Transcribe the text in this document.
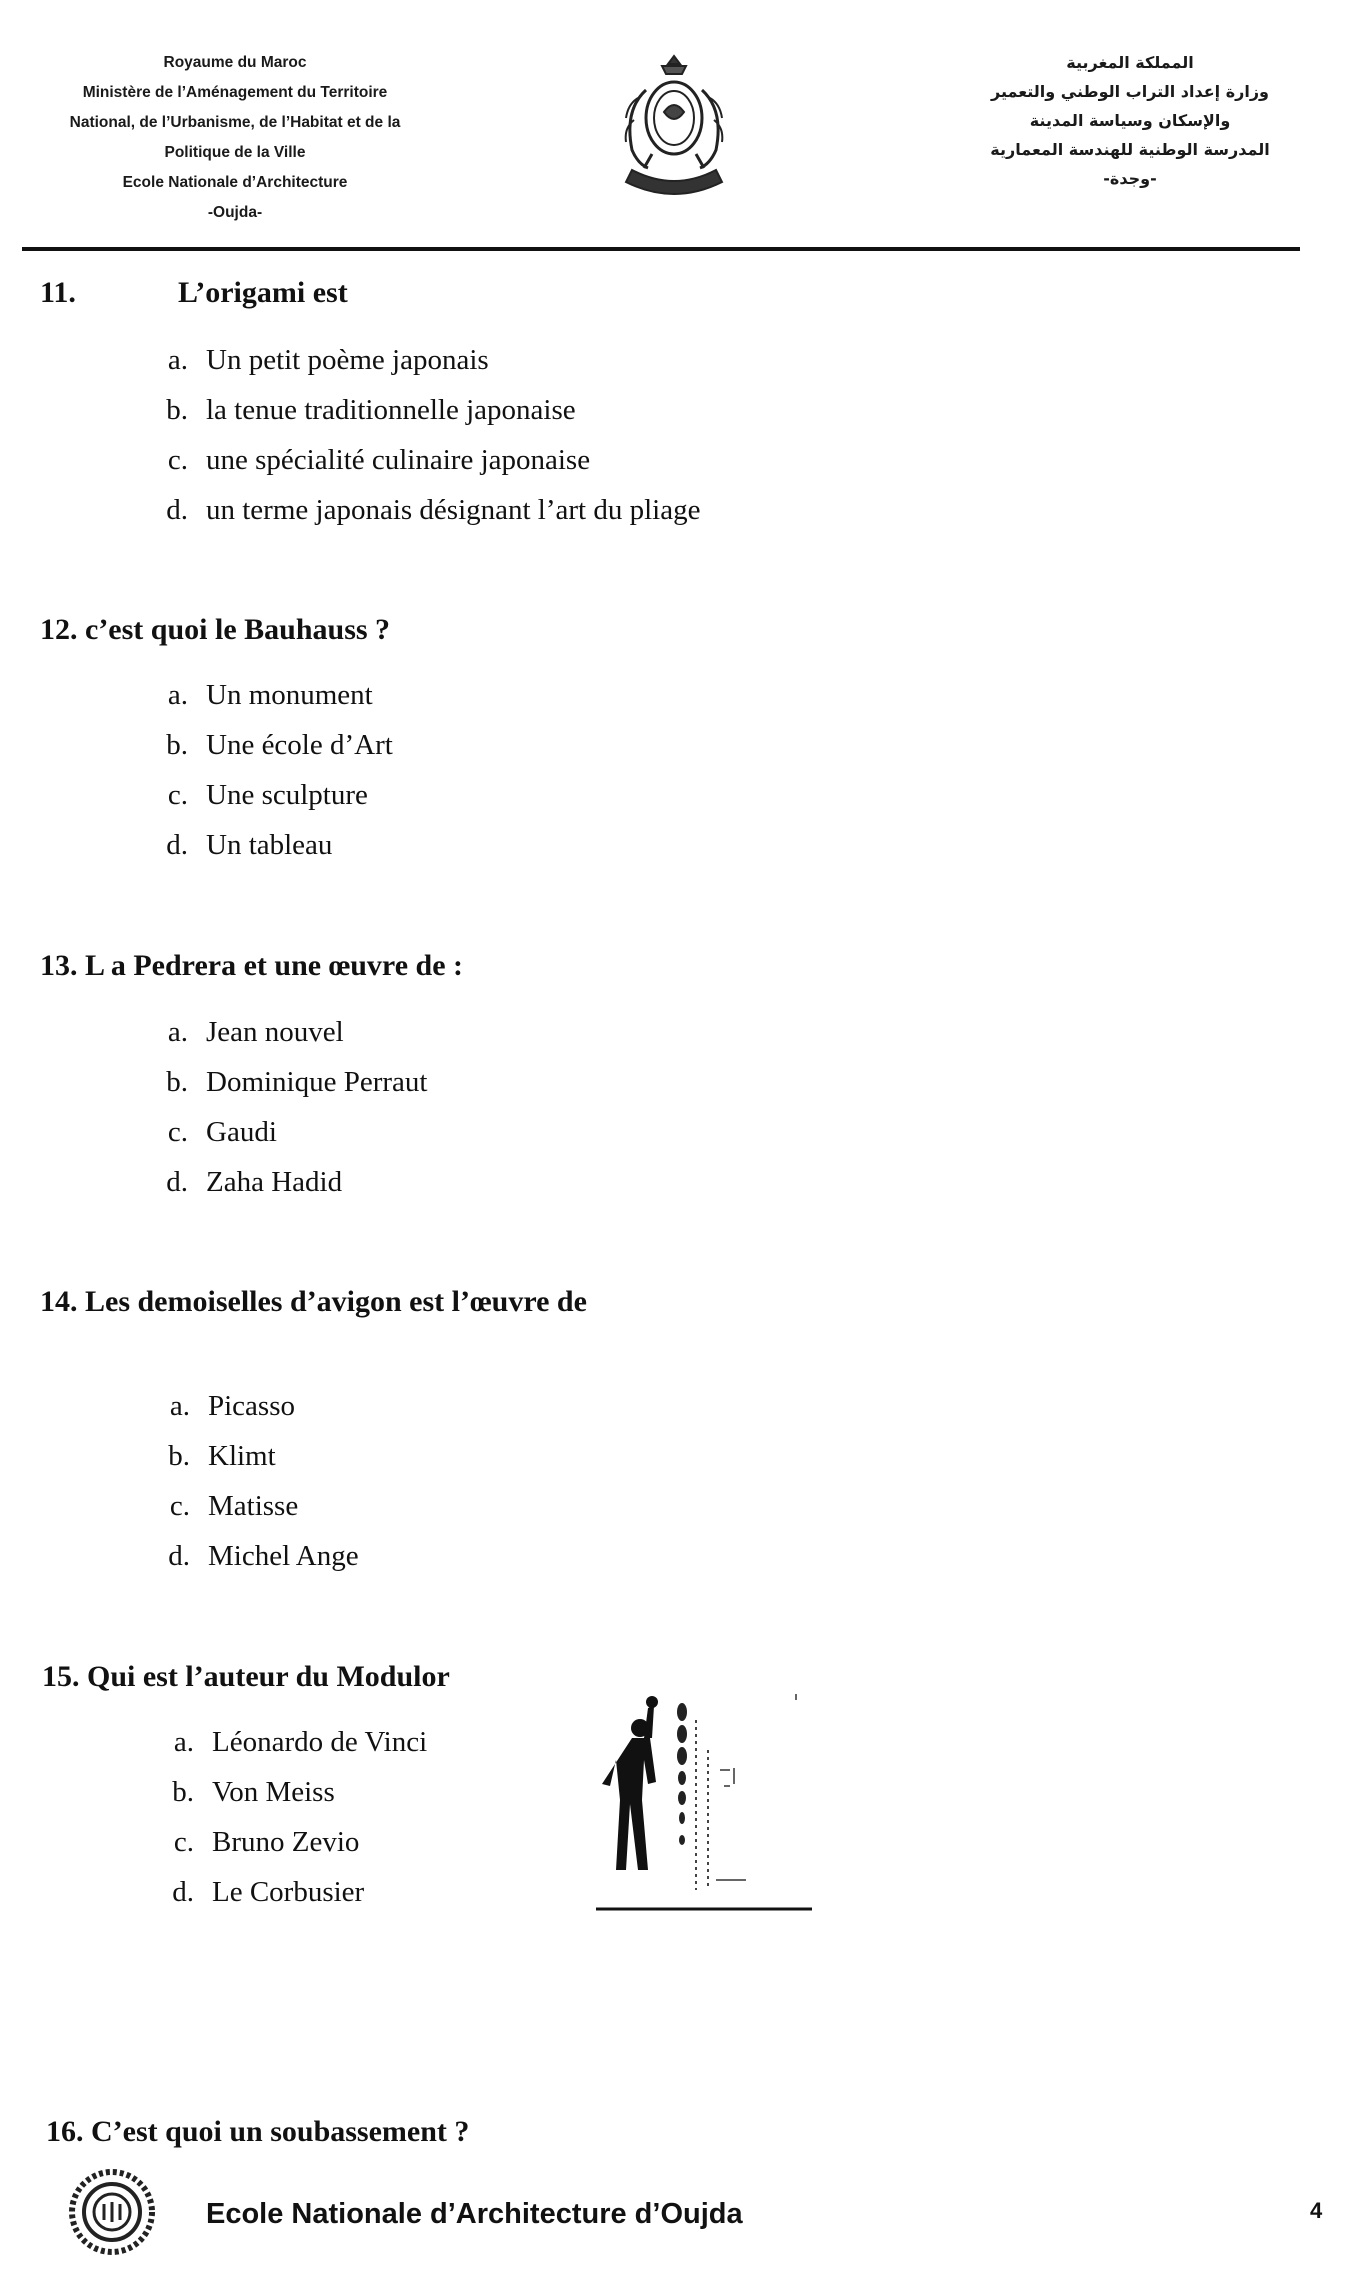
Royaume du Maroc
Ministère de l’Aménagement du Territoire
National, de l’Urbanisme, de l’Habitat et de la
Politique de la Ville
Ecole Nationale d’Architecture
-Oujda-
المملكة المغربية
وزارة إعداد التراب الوطني والتعمير
والإسكان وسياسة المدينة
المدرسة الوطنية للهندسة المعمارية
-وجدة-
11.	L’origami est
a. Un petit poème japonais
b. la tenue traditionnelle japonaise
c. une spécialité culinaire japonaise
d. un terme japonais désignant l’art du pliage
12. c’est quoi le Bauhauss ?
a. Un monument
b. Une école d’Art
c. Une sculpture
d. Un tableau
13. L a Pedrera et une œuvre de :
a. Jean nouvel
b. Dominique Perraut
c. Gaudi
d. Zaha Hadid
14. Les demoiselles d’avigon est l’œuvre de
a. Picasso
b. Klimt
c. Matisse
d. Michel Ange
15. Qui est l’auteur du Modulor
a. Léonardo de Vinci
b. Von Meiss
c. Bruno Zevio
d. Le Corbusier
16. C’est quoi un soubassement ?
Ecole Nationale d’Architecture d’Oujda	4
